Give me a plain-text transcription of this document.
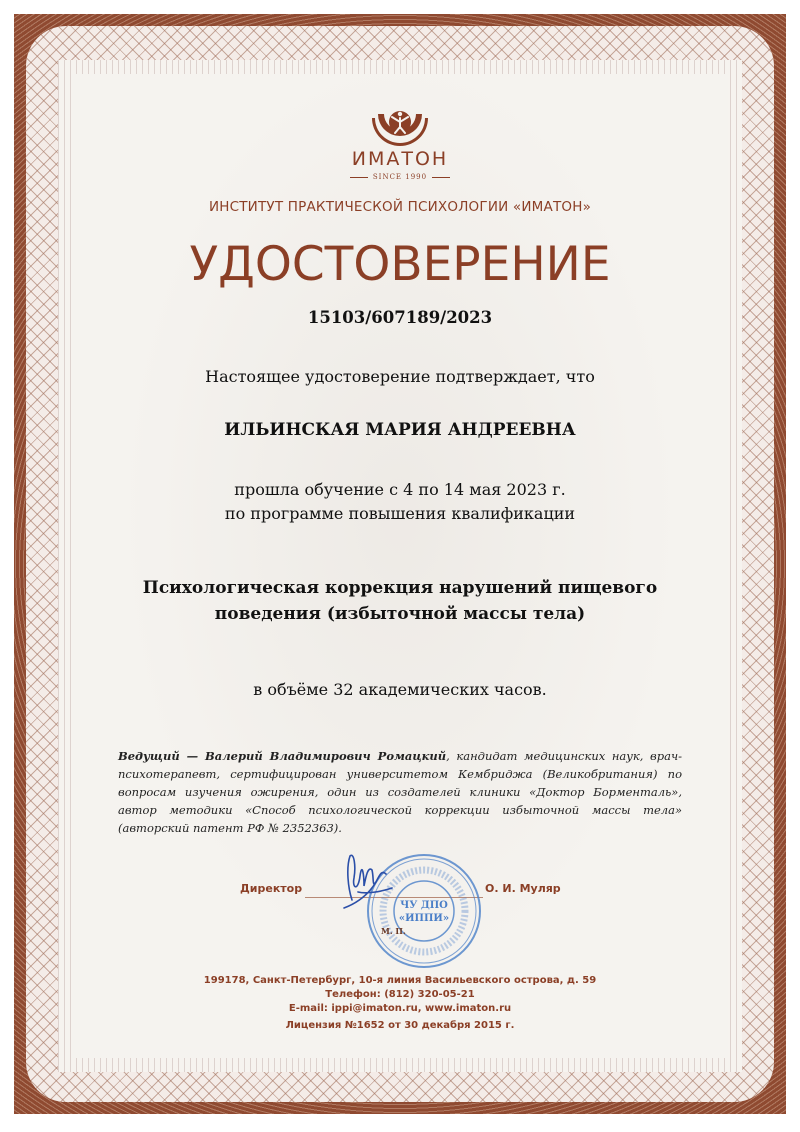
ИМАТОН
SINCE 1990
ИНСТИТУТ ПРАКТИЧЕСКОЙ ПСИХОЛОГИИ «ИМАТОН»
УДОСТОВЕРЕНИЕ
15103/607189/2023
Настоящее удостоверение подтверждает, что
ИЛЬИНСКАЯ МАРИЯ АНДРЕЕВНА
прошла обучение с 4 по 14 мая 2023 г.
по программе повышения квалификации
Психологическая коррекция нарушений пищевого
поведения (избыточной массы тела)
в объёме 32 академических часов.
Ведущий — Валерий Владимирович Ромацкий, кандидат медицинских наук, врач-психотерапевт, сертифицирован университетом Кембриджа (Великобритания) по вопросам изучения ожирения, один из создателей клиники «Доктор Борменталь», автор методики «Способ психологической коррекции избыточной массы тела» (авторский патент РФ № 2352363).
Директор	О. И. Муляр
ЧУ ДПО
«ИППИ»
М. П.
199178, Санкт-Петербург, 10-я линия Васильевского острова, д. 59
Телефон: (812) 320-05-21
E-mail: ippi@imaton.ru, www.imaton.ru
Лицензия №1652 от 30 декабря 2015 г.
